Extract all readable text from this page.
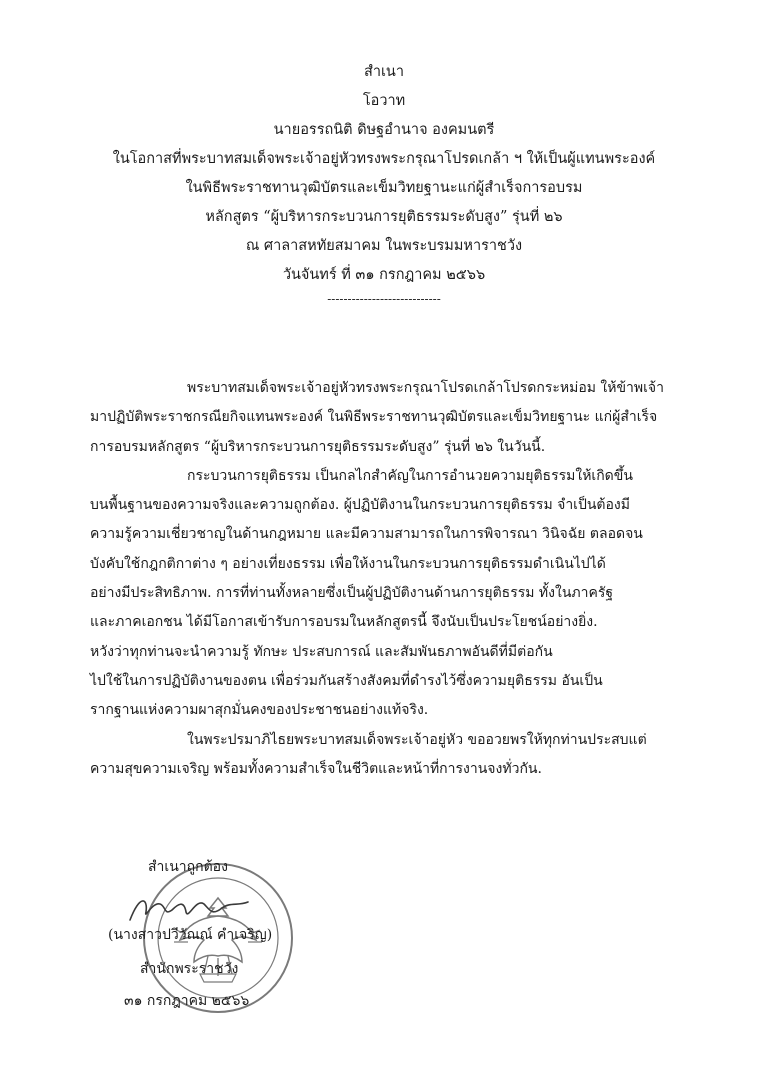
สำเนา
โอวาท
นายอรรถนิติ ดิษฐอำนาจ องคมนตรี
ในโอกาสที่พระบาทสมเด็จพระเจ้าอยู่หัวทรงพระกรุณาโปรดเกล้า ฯ ให้เป็นผู้แทนพระองค์
ในพิธีพระราชทานวุฒิบัตรและเข็มวิทยฐานะแก่ผู้สำเร็จการอบรม
หลักสูตร “ผู้บริหารกระบวนการยุติธรรมระดับสูง” รุ่นที่ ๒๖
ณ ศาลาสหทัยสมาคม ในพระบรมมหาราชวัง
วันจันทร์ ที่ ๓๑ กรกฎาคม ๒๕๖๖
----------------------------
พระบาทสมเด็จพระเจ้าอยู่หัวทรงพระกรุณาโปรดเกล้าโปรดกระหม่อม ให้ข้าพเจ้า
มาปฏิบัติพระราชกรณียกิจแทนพระองค์ ในพิธีพระราชทานวุฒิบัตรและเข็มวิทยฐานะ แก่ผู้สำเร็จ
การอบรมหลักสูตร “ผู้บริหารกระบวนการยุติธรรมระดับสูง” รุ่นที่ ๒๖ ในวันนี้.
กระบวนการยุติธรรม เป็นกลไกสำคัญในการอำนวยความยุติธรรมให้เกิดขึ้น
บนพื้นฐานของความจริงและความถูกต้อง. ผู้ปฏิบัติงานในกระบวนการยุติธรรม จำเป็นต้องมี
ความรู้ความเชี่ยวชาญในด้านกฎหมาย และมีความสามารถในการพิจารณา วินิจฉัย ตลอดจน
บังคับใช้กฎกติกาต่าง ๆ อย่างเที่ยงธรรม เพื่อให้งานในกระบวนการยุติธรรมดำเนินไปได้
อย่างมีประสิทธิภาพ. การที่ท่านทั้งหลายซึ่งเป็นผู้ปฏิบัติงานด้านการยุติธรรม ทั้งในภาครัฐ
และภาคเอกชน ได้มีโอกาสเข้ารับการอบรมในหลักสูตรนี้ จึงนับเป็นประโยชน์อย่างยิ่ง.
หวังว่าทุกท่านจะนำความรู้ ทักษะ ประสบการณ์ และสัมพันธภาพอันดีที่มีต่อกัน
ไปใช้ในการปฏิบัติงานของตน เพื่อร่วมกันสร้างสังคมที่ดำรงไว้ซึ่งความยุติธรรม อันเป็น
รากฐานแห่งความผาสุกมั่นคงของประชาชนอย่างแท้จริง.
ในพระปรมาภิไธยพระบาทสมเด็จพระเจ้าอยู่หัว ขออวยพรให้ทุกท่านประสบแต่
ความสุขความเจริญ พร้อมทั้งความสำเร็จในชีวิตและหน้าที่การงานจงทั่วกัน.
สำเนาถูกต้อง
(นางสาวปวีวัณณ์ คำเจริญ)
สำนักพระราชวัง
๓๑ กรกฎาคม ๒๕๖๖
